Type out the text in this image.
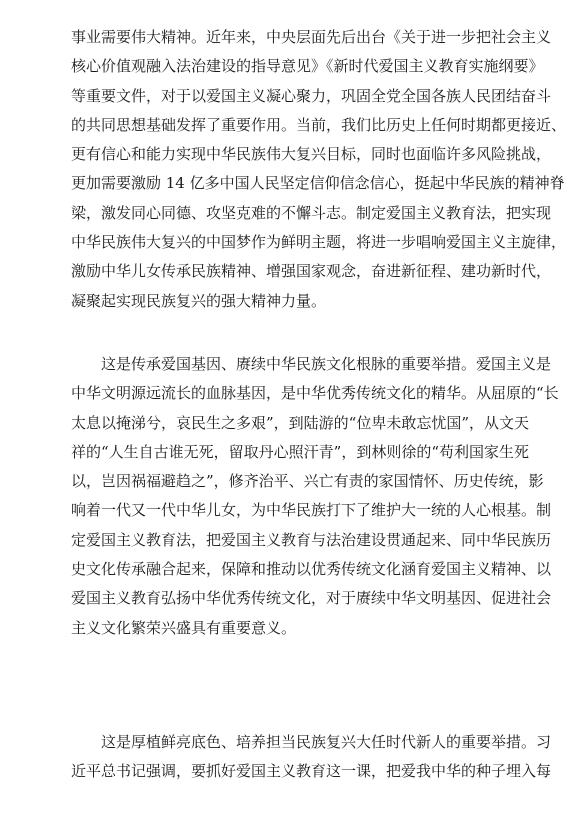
事业需要伟大精神。近年来，中央层面先后出台《关于进一步把社会主义
核心价值观融入法治建设的指导意见》《新时代爱国主义教育实施纲要》
等重要文件，对于以爱国主义凝心聚力，巩固全党全国各族人民团结奋斗
的共同思想基础发挥了重要作用。当前，我们比历史上任何时期都更接近、
更有信心和能力实现中华民族伟大复兴目标，同时也面临许多风险挑战，
更加需要激励 14 亿多中国人民坚定信仰信念信心，挺起中华民族的精神脊
梁，激发同心同德、攻坚克难的不懈斗志。制定爱国主义教育法，把实现
中华民族伟大复兴的中国梦作为鲜明主题，将进一步唱响爱国主义主旋律，
激励中华儿女传承民族精神、增强国家观念，奋进新征程、建功新时代，
凝聚起实现民族复兴的强大精神力量。
　　这是传承爱国基因、赓续中华民族文化根脉的重要举措。爱国主义是
中华文明源远流长的血脉基因，是中华优秀传统文化的精华。从屈原的“长
太息以掩涕兮，哀民生之多艰”，到陆游的“位卑未敢忘忧国”，从文天
祥的“人生自古谁无死，留取丹心照汗青”，到林则徐的“苟利国家生死
以，岂因祸福避趋之”，修齐治平、兴亡有责的家国情怀、历史传统，影
响着一代又一代中华儿女，为中华民族打下了维护大一统的人心根基。制
定爱国主义教育法，把爱国主义教育与法治建设贯通起来、同中华民族历
史文化传承融合起来，保障和推动以优秀传统文化涵育爱国主义精神、以
爱国主义教育弘扬中华优秀传统文化，对于赓续中华文明基因、促进社会
主义文化繁荣兴盛具有重要意义。
　　这是厚植鲜亮底色、培养担当民族复兴大任时代新人的重要举措。习
近平总书记强调，要抓好爱国主义教育这一课，把爱我中华的种子埋入每
